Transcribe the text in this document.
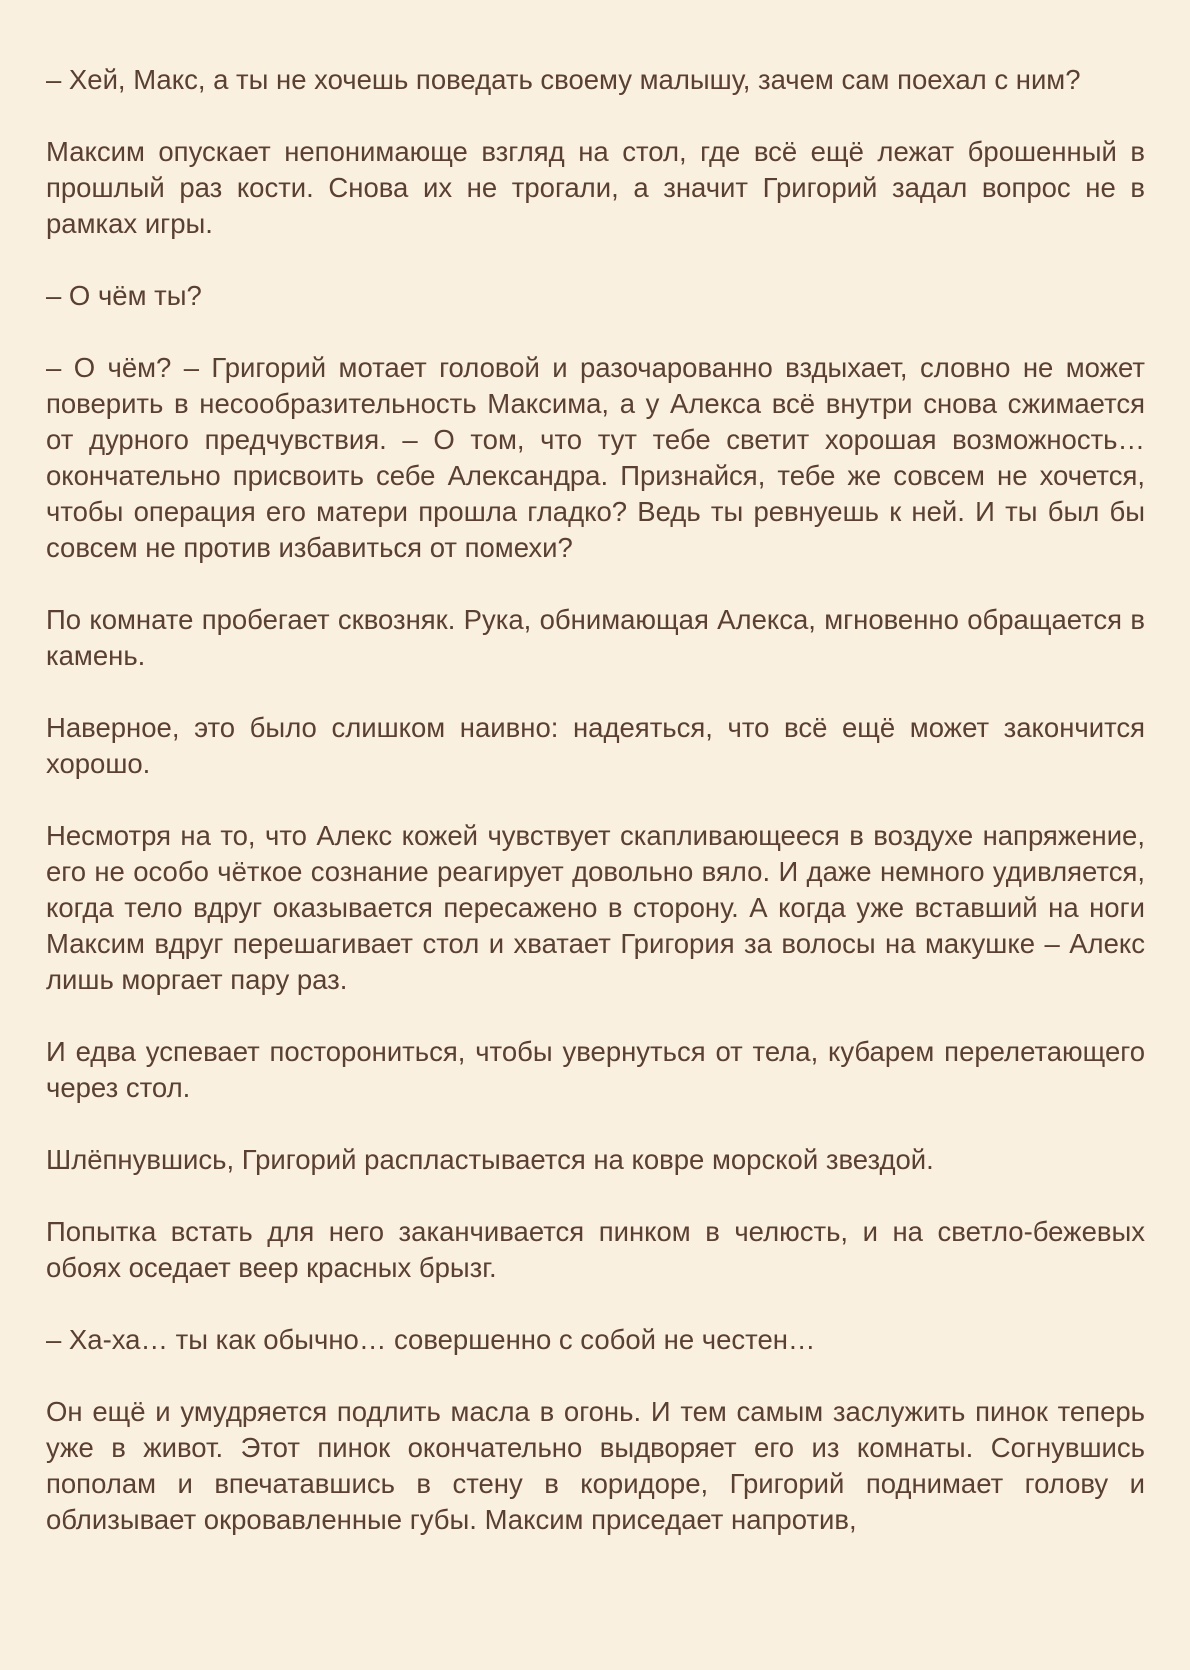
– Хей, Макс, а ты не хочешь поведать своему малышу, зачем сам поехал с ним?

Максим опускает непонимающе взгляд на стол, где всё ещё лежат брошенный в прошлый раз кости. Снова их не трогали, а значит Григорий задал вопрос не в рамках игры.

– О чём ты?

– О чём? – Григорий мотает головой и разочарованно вздыхает, словно не может поверить в несообразительность Максима, а у Алекса всё внутри снова сжимается от дурного предчувствия. – О том, что тут тебе светит хорошая возможность… окончательно присвоить себе Александра. Признайся, тебе же совсем не хочется, чтобы операция его матери прошла гладко? Ведь ты ревнуешь к ней. И ты был бы совсем не против избавиться от помехи?

По комнате пробегает сквозняк. Рука, обнимающая Алекса, мгновенно обращается в камень.

Наверное, это было слишком наивно: надеяться, что всё ещё может закончится хорошо.

Несмотря на то, что Алекс кожей чувствует скапливающееся в воздухе напряжение, его не особо чёткое сознание реагирует довольно вяло. И даже немного удивляется, когда тело вдруг оказывается пересажено в сторону. А когда уже вставший на ноги Максим вдруг перешагивает стол и хватает Григория за волосы на макушке – Алекс лишь моргает пару раз.

И едва успевает посторониться, чтобы увернуться от тела, кубарем перелетающего через стол.

Шлёпнувшись, Григорий распластывается на ковре морской звездой.

Попытка встать для него заканчивается пинком в челюсть, и на светло-бежевых обоях оседает веер красных брызг.

– Ха-ха… ты как обычно… совершенно с собой не честен…

Он ещё и умудряется подлить масла в огонь. И тем самым заслужить пинок теперь уже в живот. Этот пинок окончательно выдворяет его из комнаты. Согнувшись пополам и впечатавшись в стену в коридоре, Григорий поднимает голову и облизывает окровавленные губы. Максим приседает напротив,
